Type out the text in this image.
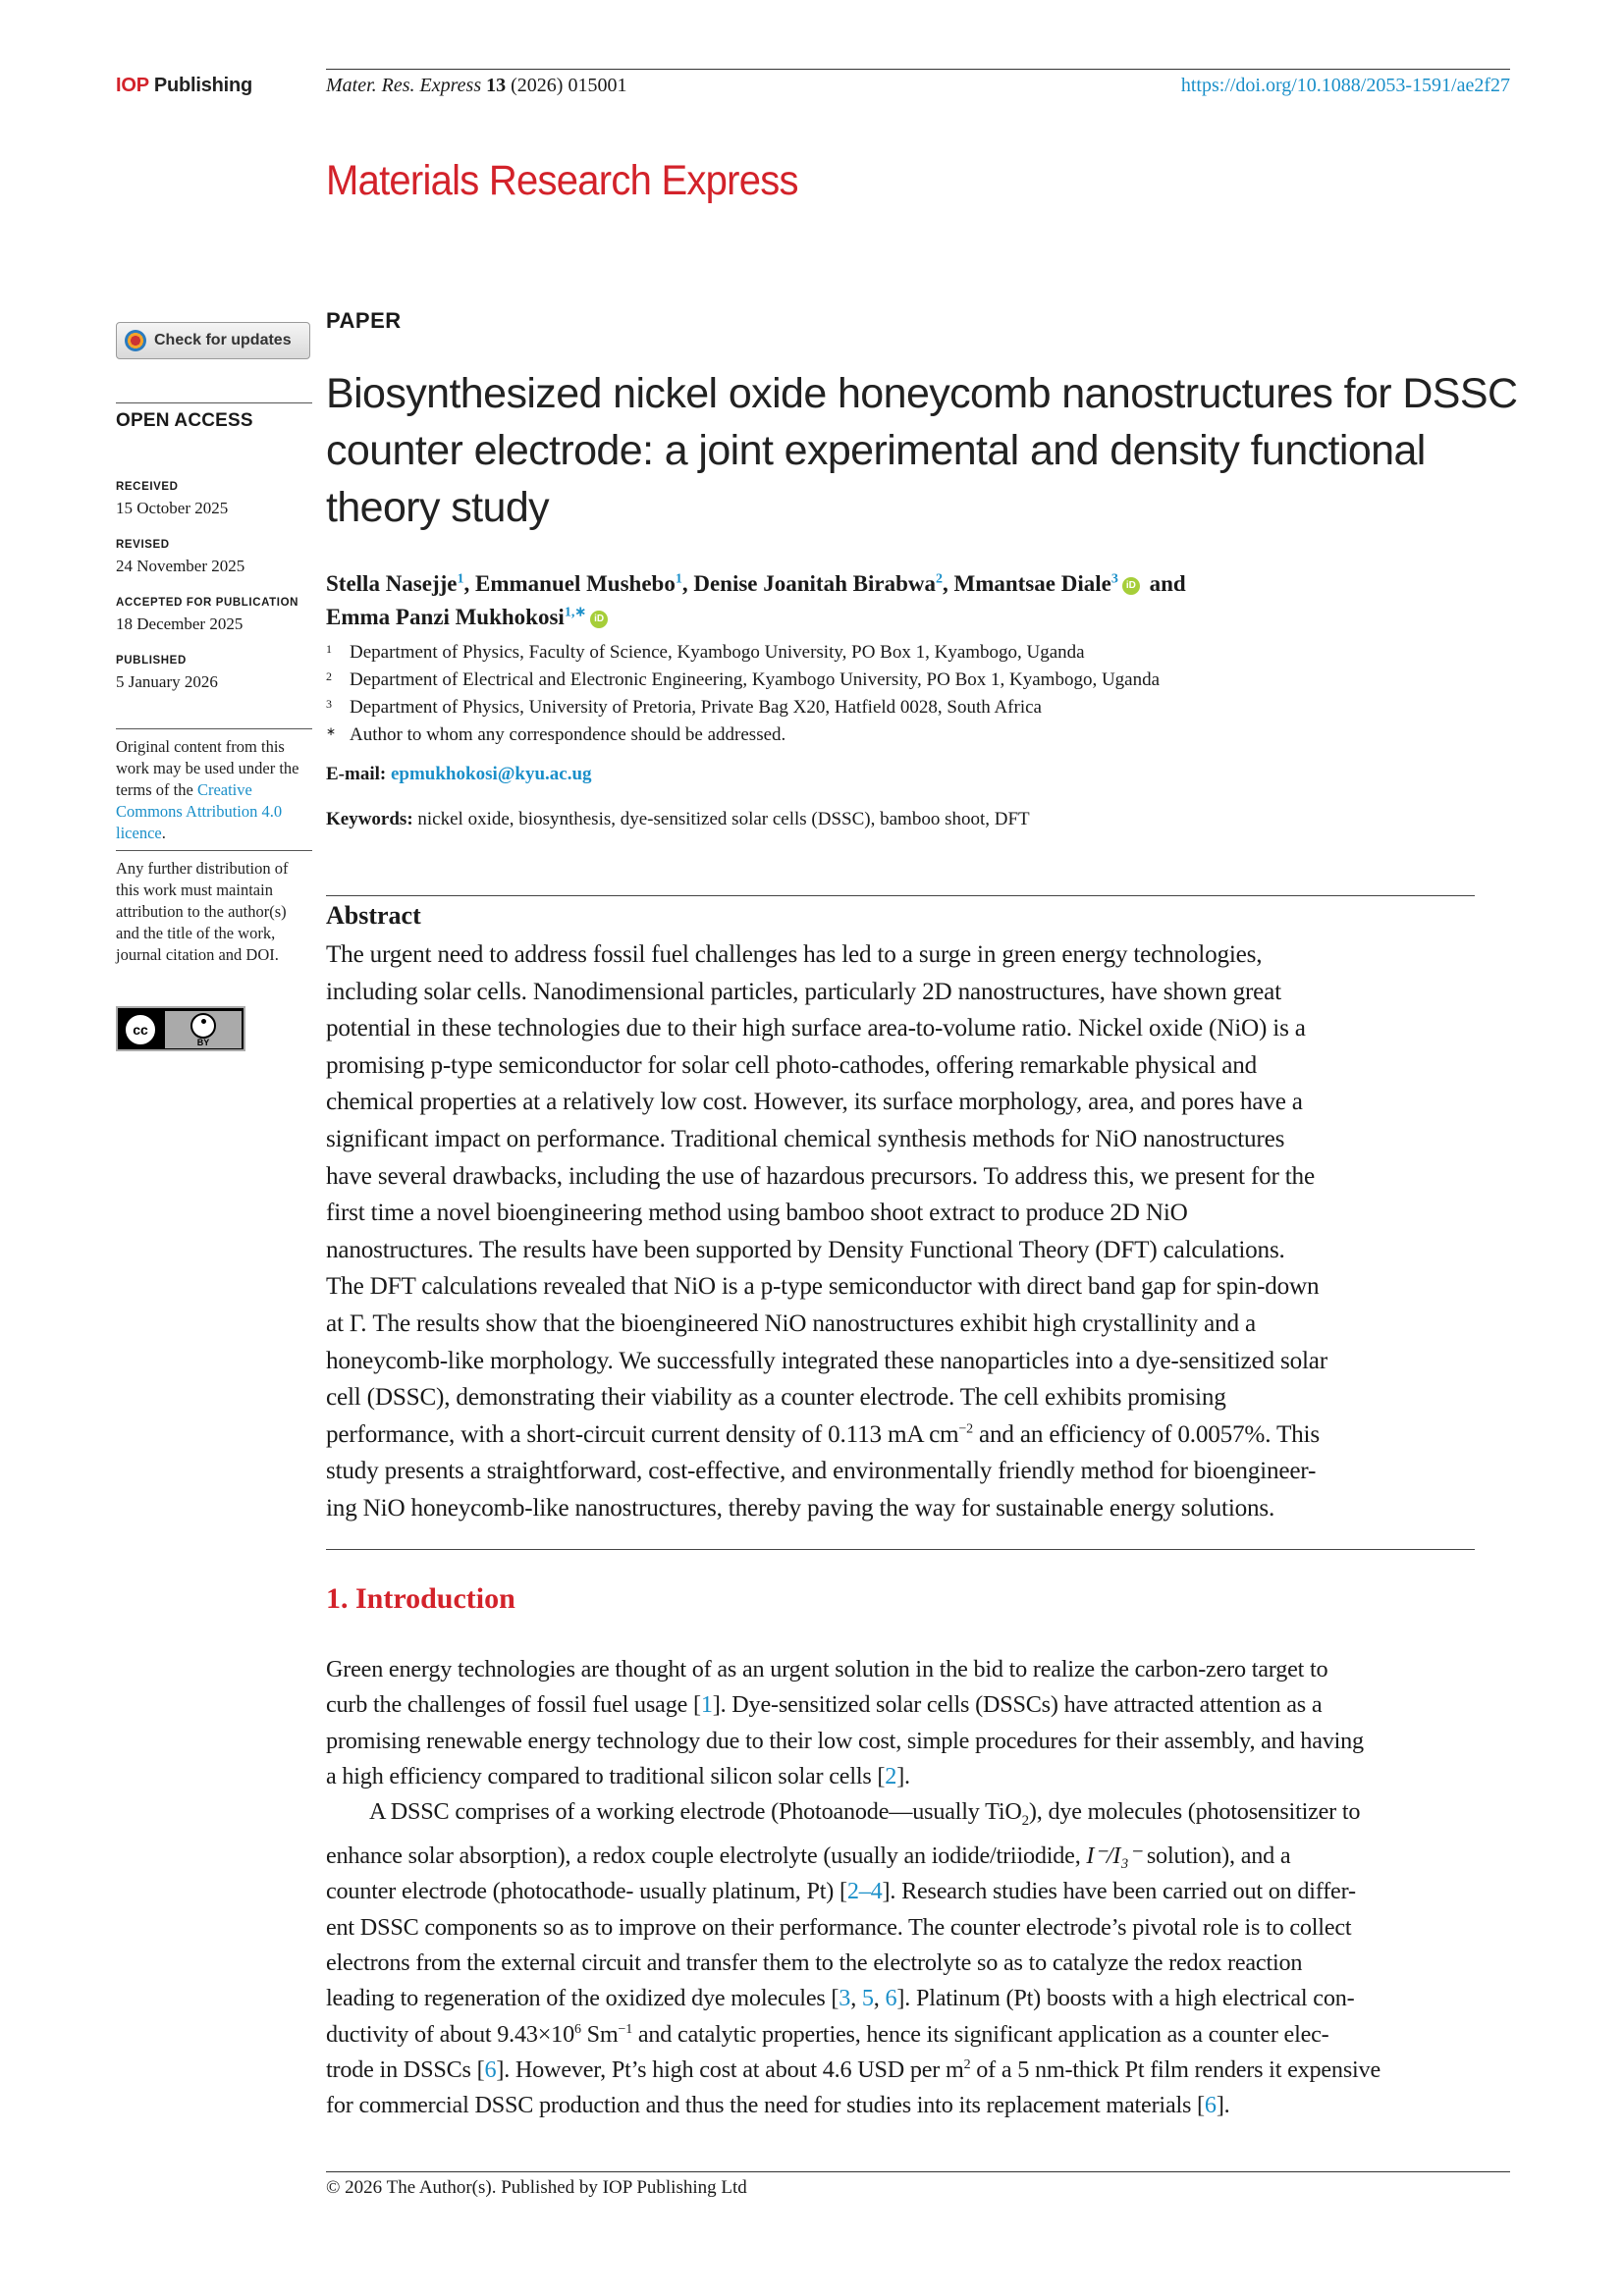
IOP Publishing	Mater. Res. Express 13 (2026) 015001	https://doi.org/10.1088/2053-1591/ae2f27
Materials Research Express
Check for updates
OPEN ACCESS
RECEIVED
15 October 2025
REVISED
24 November 2025
ACCEPTED FOR PUBLICATION
18 December 2025
PUBLISHED
5 January 2026
Original content from this work may be used under the terms of the Creative Commons Attribution 4.0 licence.
Any further distribution of this work must maintain attribution to the author(s) and the title of the work, journal citation and DOI.
cc
BY
PAPER
Biosynthesized nickel oxide honeycomb nanostructures for DSSC counter electrode: a joint experimental and density functional theory study
Stella Nasejje$^1$, Emmanuel Mushebo$^1$, Denise Joanitah Birabwa$^2$, Mmantsae Diale$^3$ iD and
Emma Panzi Mukhokosi$^{1,∗}$ iD
1 Department of Physics, Faculty of Science, Kyambogo University, PO Box 1, Kyambogo, Uganda
2 Department of Electrical and Electronic Engineering, Kyambogo University, PO Box 1, Kyambogo, Uganda
3 Department of Physics, University of Pretoria, Private Bag X20, Hatfield 0028, South Africa
∗ Author to whom any correspondence should be addressed.
E-mail: epmukhokosi@kyu.ac.ug
Keywords: nickel oxide, biosynthesis, dye-sensitized solar cells (DSSC), bamboo shoot, DFT
Abstract
The urgent need to address fossil fuel challenges has led to a surge in green energy technologies,
including solar cells. Nanodimensional particles, particularly 2D nanostructures, have shown great
potential in these technologies due to their high surface area-to-volume ratio. Nickel oxide (NiO) is a
promising p-type semiconductor for solar cell photo-cathodes, offering remarkable physical and
chemical properties at a relatively low cost. However, its surface morphology, area, and pores have a
significant impact on performance. Traditional chemical synthesis methods for NiO nanostructures
have several drawbacks, including the use of hazardous precursors. To address this, we present for the
first time a novel bioengineering method using bamboo shoot extract to produce 2D NiO
nanostructures. The results have been supported by Density Functional Theory (DFT) calculations.
The DFT calculations revealed that NiO is a p-type semiconductor with direct band gap for spin-down
at Γ. The results show that the bioengineered NiO nanostructures exhibit high crystallinity and a
honeycomb-like morphology. We successfully integrated these nanoparticles into a dye-sensitized solar
cell (DSSC), demonstrating their viability as a counter electrode. The cell exhibits promising
performance, with a short-circuit current density of 0.113 mA $cm^{-2}$ and an efficiency of 0.0057%. This
study presents a straightforward, cost-effective, and environmentally friendly method for bioengineer-
ing NiO honeycomb-like nanostructures, thereby paving the way for sustainable energy solutions.
1. Introduction
Green energy technologies are thought of as an urgent solution in the bid to realize the carbon-zero target to
curb the challenges of fossil fuel usage [1]. Dye-sensitized solar cells (DSSCs) have attracted attention as a
promising renewable energy technology due to their low cost, simple procedures for their assembly, and having
a high efficiency compared to traditional silicon solar cells [2].
A DSSC comprises of a working electrode (Photoanode—usually TiO$_2$), dye molecules (photosensitizer to
enhance solar absorption), a redox couple electrolyte (usually an iodide/triiodide, I⁻/I₃⁻ solution), and a
counter electrode (photocathode- usually platinum, Pt) [2–4]. Research studies have been carried out on differ-
ent DSSC components so as to improve on their performance. The counter electrode’s pivotal role is to collect
electrons from the external circuit and transfer them to the electrolyte so as to catalyze the redox reaction
leading to regeneration of the oxidized dye molecules [3, 5, 6]. Platinum (Pt) boosts with a high electrical con-
ductivity of about $9.43\times 10^6$ $Sm^{-1}$ and catalytic properties, hence its significant application as a counter elec-
trode in DSSCs [6]. However, Pt’s high cost at about 4.6 USD per $m^2$ of a 5 nm-thick Pt film renders it expensive
for commercial DSSC production and thus the need for studies into its replacement materials [6].
© 2026 The Author(s). Published by IOP Publishing Ltd
